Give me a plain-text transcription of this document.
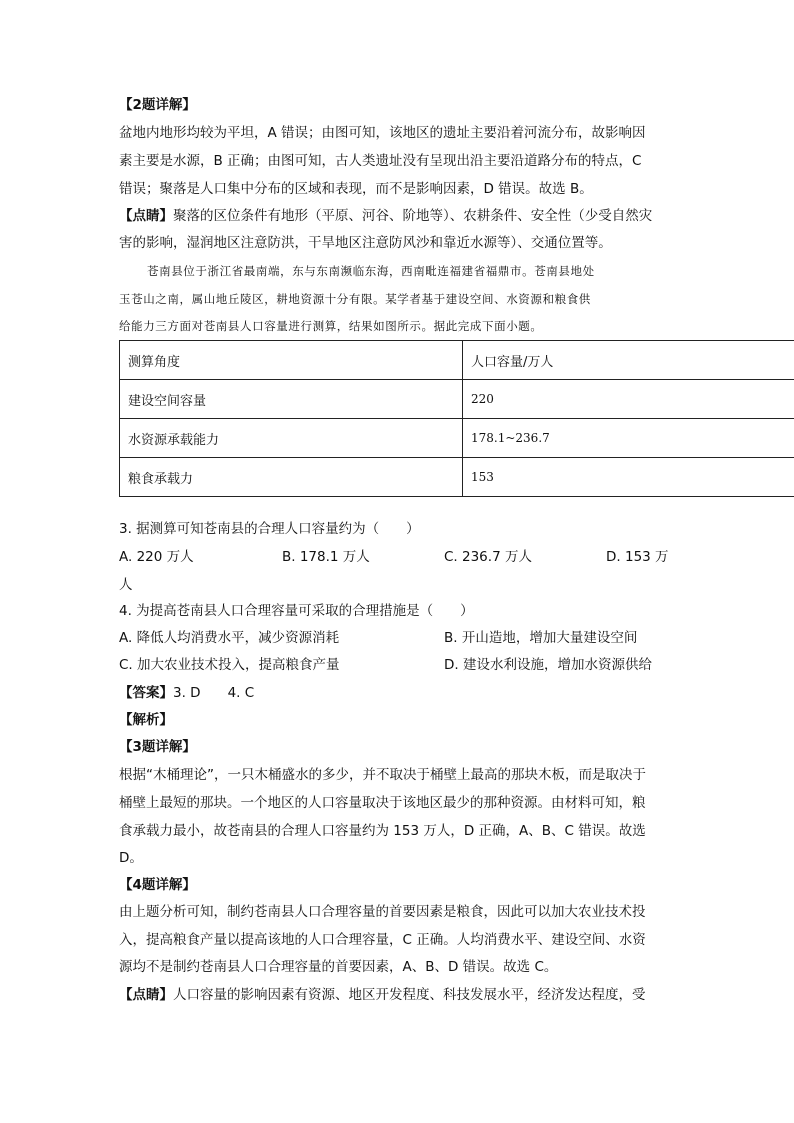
【2题详解】
盆地内地形均较为平坦，A 错误；由图可知，该地区的遗址主要沿着河流分布，故影响因
素主要是水源，B 正确；由图可知，古人类遗址没有呈现出沿主要沿道路分布的特点，C
错误；聚落是人口集中分布的区域和表现，而不是影响因素，D 错误。故选 B。
【点睛】聚落的区位条件有地形（平原、河谷、阶地等）、农耕条件、安全性（少受自然灾
害的影响，湿润地区注意防洪，干旱地区注意防风沙和靠近水源等）、交通位置等。
苍南县位于浙江省最南端，东与东南濒临东海，西南毗连福建省福鼎市。苍南县地处
玉苍山之南，属山地丘陵区，耕地资源十分有限。某学者基于建设空间、水资源和粮食供
给能力三方面对苍南县人口容量进行测算，结果如图所示。据此完成下面小题。
测算角度	人口容量/万人
建设空间容量	220
水资源承载能力	178.1~236.7
粮食承载力	153
3. 据测算可知苍南县的合理人口容量约为（　　）
A. 220 万人	B. 178.1 万人	C. 236.7 万人	D. 153 万
人
4. 为提高苍南县人口合理容量可采取的合理措施是（　　）
A. 降低人均消费水平，减少资源消耗	B. 开山造地，增加大量建设空间
C. 加大农业技术投入，提高粮食产量	D. 建设水利设施，增加水资源供给
【答案】3. D　　4. C
【解析】
【3题详解】
根据“木桶理论”，一只木桶盛水的多少，并不取决于桶壁上最高的那块木板，而是取决于
桶壁上最短的那块。一个地区的人口容量取决于该地区最少的那种资源。由材料可知，粮
食承载力最小，故苍南县的合理人口容量约为 153 万人，D 正确，A、B、C 错误。故选
D。
【4题详解】
由上题分析可知，制约苍南县人口合理容量的首要因素是粮食，因此可以加大农业技术投
入，提高粮食产量以提高该地的人口合理容量，C 正确。人均消费水平、建设空间、水资
源均不是制约苍南县人口合理容量的首要因素，A、B、D 错误。故选 C。
【点睛】人口容量的影响因素有资源、地区开发程度、科技发展水平，经济发达程度，受
